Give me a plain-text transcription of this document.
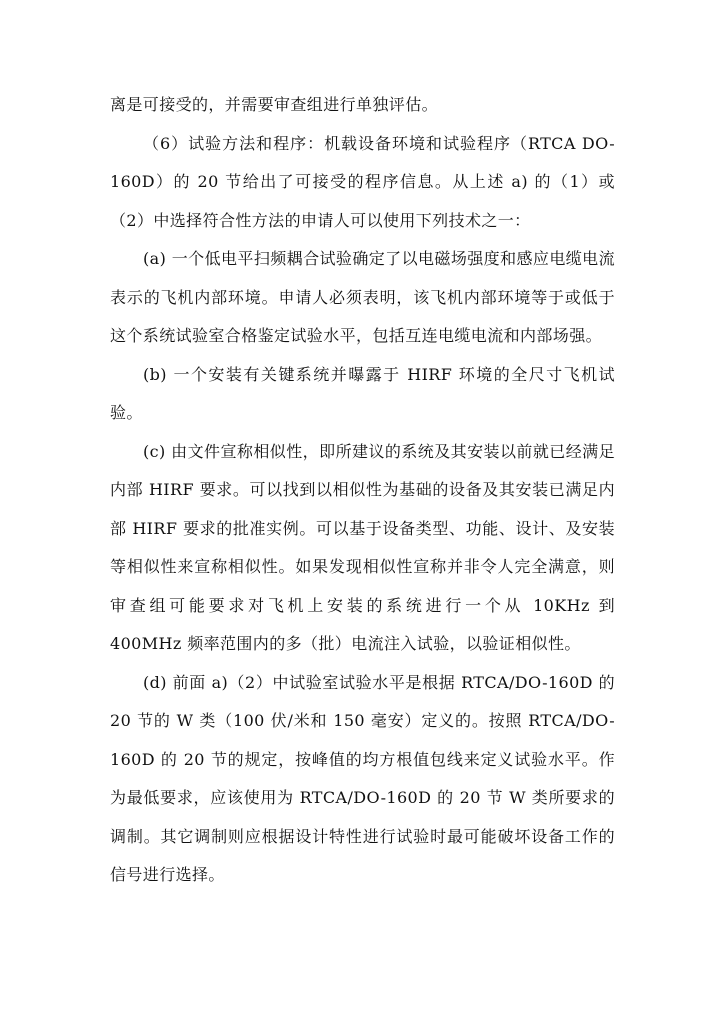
离是可接受的，并需要审查组进行单独评估。

（6）试验方法和程序：机载设备环境和试验程序（RTCA DO-160D）的 20 节给出了可接受的程序信息。从上述 a) 的（1）或（2）中选择符合性方法的申请人可以使用下列技术之一：

(a) 一个低电平扫频耦合试验确定了以电磁场强度和感应电缆电流表示的飞机内部环境。申请人必须表明，该飞机内部环境等于或低于这个系统试验室合格鉴定试验水平，包括互连电缆电流和内部场强。

(b) 一个安装有关键系统并曝露于 HIRF 环境的全尺寸飞机试验。

(c) 由文件宣称相似性，即所建议的系统及其安装以前就已经满足内部 HIRF 要求。可以找到以相似性为基础的设备及其安装已满足内部 HIRF 要求的批准实例。可以基于设备类型、功能、设计、及安装等相似性来宣称相似性。如果发现相似性宣称并非令人完全满意，则审查组可能要求对飞机上安装的系统进行一个从 10KHz 到 400MHz 频率范围内的多（批）电流注入试验，以验证相似性。

(d) 前面 a)（2）中试验室试验水平是根据 RTCA/DO-160D 的 20 节的 W 类（100 伏/米和 150 毫安）定义的。按照 RTCA/DO-160D 的 20 节的规定，按峰值的均方根值包线来定义试验水平。作为最低要求，应该使用为 RTCA/DO-160D 的 20 节 W 类所要求的调制。其它调制则应根据设计特性进行试验时最可能破坏设备工作的信号进行选择。
